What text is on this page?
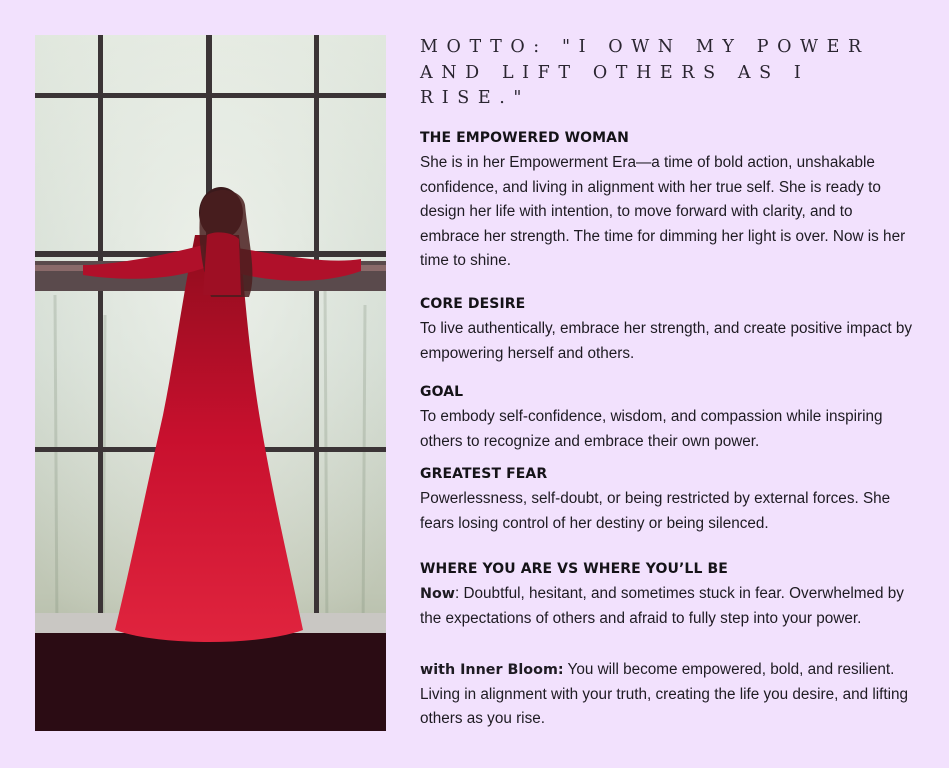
MOTTO: "I OWN MY POWER AND LIFT OTHERS AS I RISE."
THE EMPOWERED WOMAN

She is in her Empowerment Era—a time of bold action, unshakable confidence, and living in alignment with her true self. She is ready to design her life with intention, to move forward with clarity, and to embrace her strength. The time for dimming her light is over. Now is her time to shine.

CORE DESIRE

To live authentically, embrace her strength, and create positive impact by empowering herself and others.

GOAL

To embody self-confidence, wisdom, and compassion while inspiring others to recognize and embrace their own power.

GREATEST FEAR

Powerlessness, self-doubt, or being restricted by external forces. She fears losing control of her destiny or being silenced.

WHERE YOU ARE VS WHERE YOU’LL BE

Now: Doubtful, hesitant, and sometimes stuck in fear. Overwhelmed by the expectations of others and afraid to fully step into your power.

with Inner Bloom: You will become empowered, bold, and resilient. Living in alignment with your truth, creating the life you desire, and lifting others as you rise.
